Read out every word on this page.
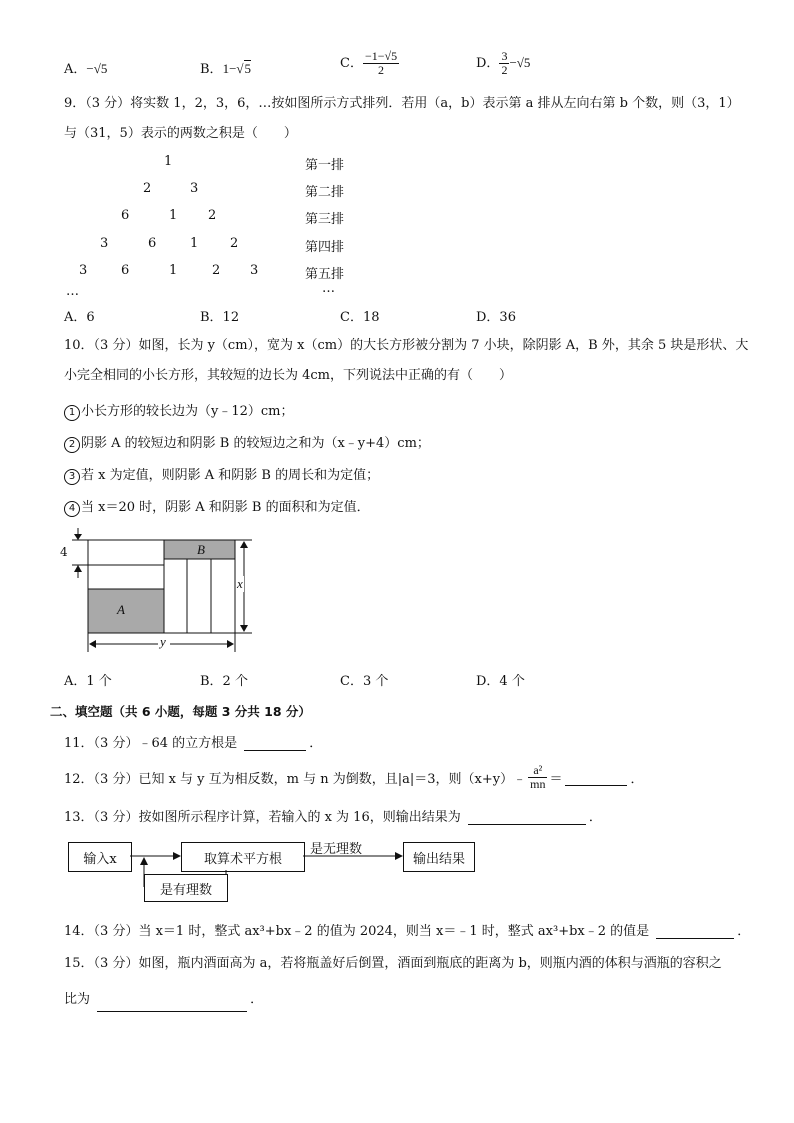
A．−√5	B．1−√5	C． $\frac{-1-√5}{2}$	D． $\frac{3}{2} -√5$
9．（3 分）将实数 1，2，3，6，…按如图所示方式排列．若用（a，b）表示第 a 排从左向右第 b 个数，则（3，1）
与（31，5）表示的两数之积是（　　）
1	第一排
2	3	第二排
6	1 2	第三排
3	6	1 2	第四排
3	6	1	2 3	第五排
…	…
A．6	B．12	C．18	D．36
10．（3 分）如图，长为 y（cm），宽为 x（cm）的大长方形被分割为 7 小块，除阴影 A，B 外，其余 5 块是形状、大
小完全相同的小长方形，其较短的边长为 4cm，下列说法中正确的有（　　）
1 小长方形的较长边为（y﹣12）cm；
2 阴影 A 的较短边和阴影 B 的较短边之和为（x﹣y+4）cm；
3 若 x 为定值，则阴影 A 和阴影 B 的周长和为定值；
4 当 x＝20 时，阴影 A 和阴影 B 的面积和为定值．
4
A
B
x
y
A．1 个	B．2 个	C．3 个	D．4 个
二、填空题（共 6 小题，每题 3 分共 18 分）
11．（3 分）﹣64 的立方根是	．
12．（3 分）已知 x 与 y 互为相反数，m 与 n 为倒数，且|a|＝3，则（x+y）﹣ $\frac{\text{a²}}{mn}$ ＝	．
13．（3 分）按如图所示程序计算，若输入的 x 为 16，则输出结果为	．
输入x	取算术平方根	输出结果
是有理数
是无理数
14．（3 分）当 x＝1 时，整式 ax³+bx﹣2 的值为 2024，则当 x＝﹣1 时，整式 ax³+bx﹣2 的值是	．
15．（3 分）如图，瓶内酒面高为 a，若将瓶盖好后倒置，酒面到瓶底的距离为 b，则瓶内酒的体积与酒瓶的容积之
比为	．
